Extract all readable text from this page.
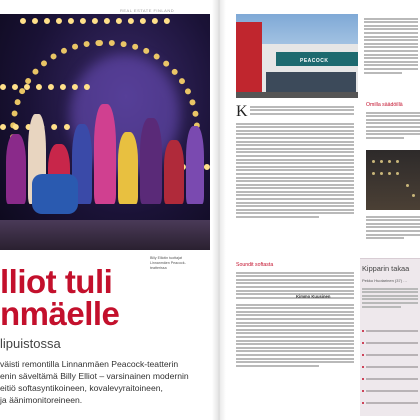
REAL ESTATE FINLAND
Billy Elliotin tuottajat Linnanmäen Peacock-teatterissa
lliot tuli
nmäelle
lipuistossa
väisti remontilla Linnanmäen Peacock-teatterin
enin säveltämä Billy Elliot – varsinainen modernin
eitiö softasyntikoineen, kovalevyraitoineen,
ja äänimonitoreineen.
PEACOCK
Omilla säädöillä
K
Soundit softasta
Kimmo Kuusinen
Kipparin takaa
Pekko Huotarinen (37) …
